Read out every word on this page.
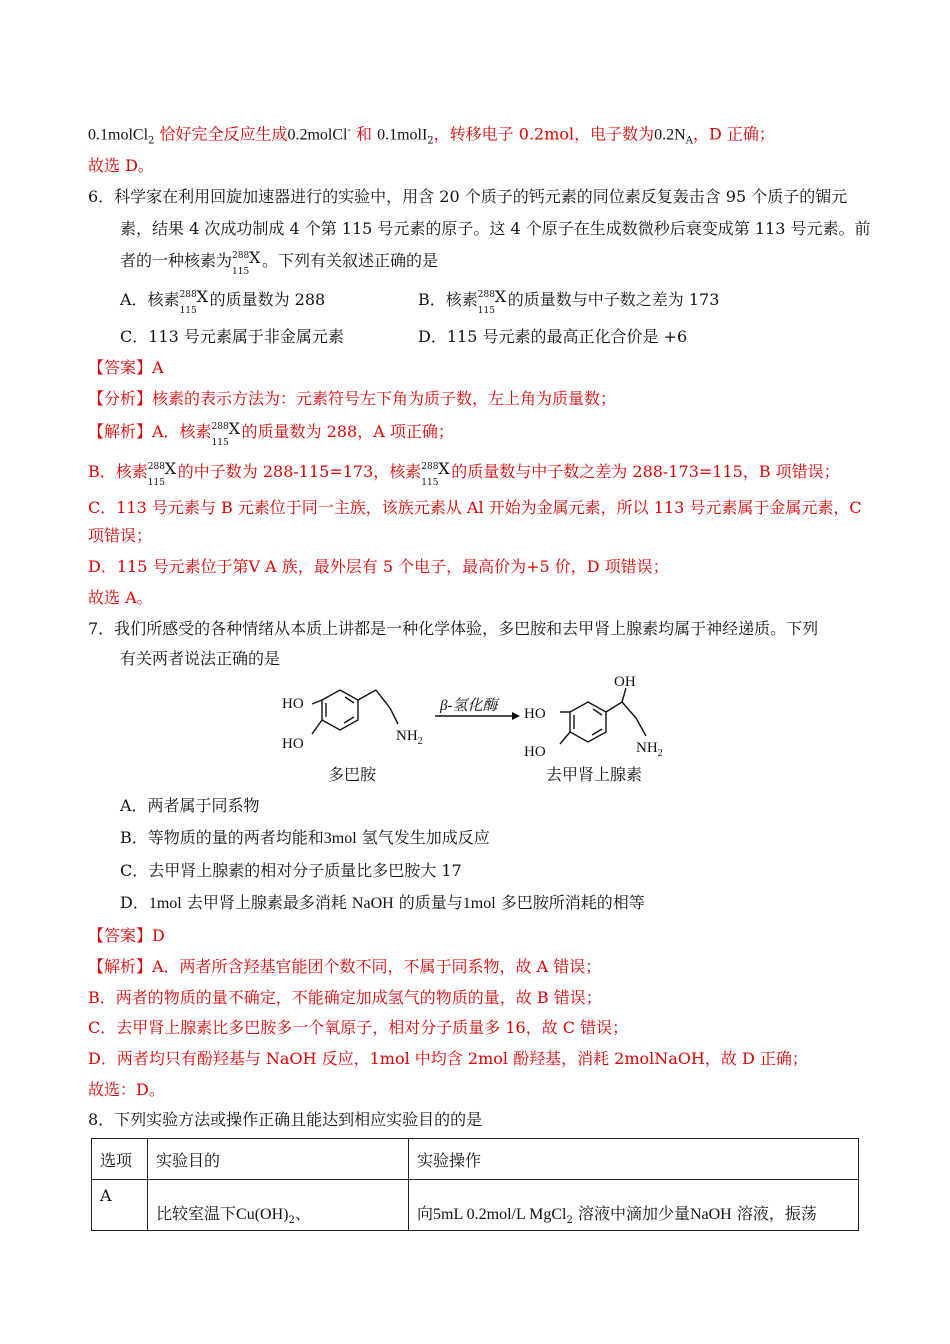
0.1molCl$_2$ 恰好完全反应生成0.2molCl- 和 0.1molI$_2$，转移电子 0.2mol，电子数为$0.2N_A$，D 正确；
故选 D。
6．科学家在利用回旋加速器进行的实验中，用含 20 个质子的钙元素的同位素反复轰击含 95 个质子的镅元
素，结果 4 次成功制成 4 个第 115 号元素的原子。这 4 个原子在生成数微秒后衰变成第 113 号元素。前
者的一种核素为 288
115
X 。下列有关叙述正确的是
A．核素 288
115
X 的质量数为 288	B．核素 288
115
X 的质量数与中子数之差为 173
C．113 号元素属于非金属元素	D．115 号元素的最高正化合价是 +6
【答案】A
【分析】核素的表示方法为：元素符号左下角为质子数，左上角为质量数；
【解析】A．核素 288
115
X 的质量数为 288，A 项正确；
B．核素 288
115
X 的中子数为 288-115=173，核素 288
115
X 的质量数与中子数之差为 288-173=115，B 项错误；
C．113 号元素与 B 元素位于同一主族，该族元素从 Al 开始为金属元素，所以 113 号元素属于金属元素，C
项错误；
D．115 号元素位于第Ⅴ A 族，最外层有 5 个电子，最高价为+5 价，D 项错误；
故选 A。
7．我们所感受的各种情绪从本质上讲都是一种化学体验，多巴胺和去甲肾上腺素均属于神经递质。下列
有关两者说法正确的是
HO
HO	$NH_2$
多巴胺
β-氢化酶
OH
HO
HO	$NH_2$
去甲肾上腺素
A．两者属于同系物
B．等物质的量的两者均能和3mol 氢气发生加成反应
C．去甲肾上腺素的相对分子质量比多巴胺大 17
D．1mol 去甲肾上腺素最多消耗 NaOH 的质量与1mol 多巴胺所消耗的相等
【答案】D
【解析】A．两者所含羟基官能团个数不同，不属于同系物，故 A 错误；
B．两者的物质的量不确定，不能确定加成氢气的物质的量，故 B 错误；
C．去甲肾上腺素比多巴胺多一个氧原子，相对分子质量多 16，故 C 错误；
D．两者均只有酚羟基与 NaOH 反应，1mol 中均含 2mol 酚羟基，消耗 2molNaOH，故 D 正确；
故选：D。
8．下列实验方法或操作正确且能达到相应实验目的的是
选项	实验目的	实验操作
A	比较室温下$Cu(OH)_2$、	向5mL 0.2mol/L MgCl$_2$ 溶液中滴加少量NaOH 溶液，振荡
